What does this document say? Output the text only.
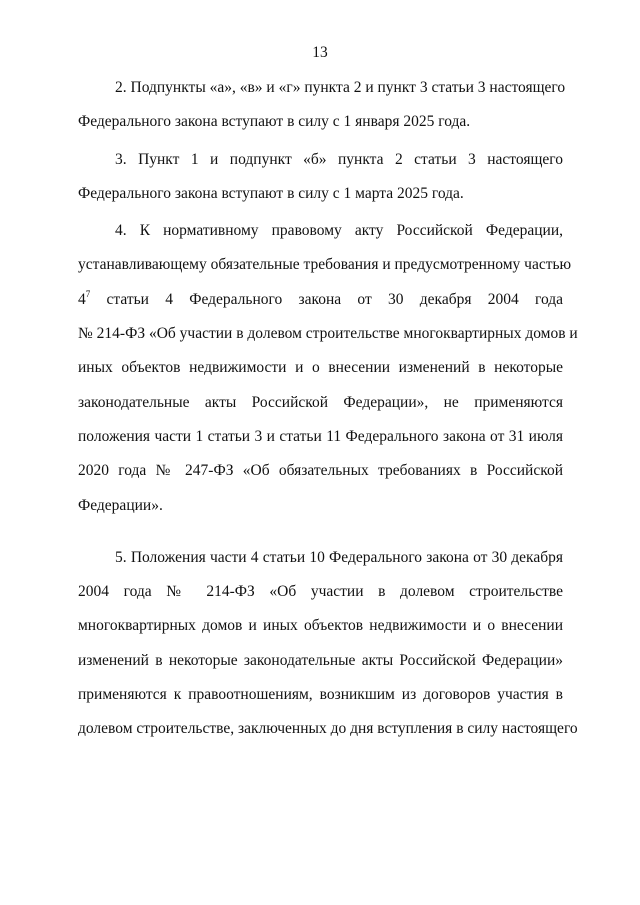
13
2. Подпункты «а», «в» и «г» пункта 2 и пункт 3 статьи 3 настоящего
Федерального закона вступают в силу с 1 января 2025 года.
3. Пункт 1 и подпункт «б» пункта 2 статьи 3 настоящего
Федерального закона вступают в силу с 1 марта 2025 года.
4. К нормативному правовому акту Российской Федерации,
устанавливающему обязательные требования и предусмотренному частью
$4^7$ статьи 4 Федерального закона от 30 декабря 2004 года
№ 214-ФЗ «Об участии в долевом строительстве многоквартирных домов и
иных объектов недвижимости и о внесении изменений в некоторые
законодательные акты Российской Федерации», не применяются
положения части 1 статьи 3 и статьи 11 Федерального закона от 31 июля
2020 года № 247-ФЗ «Об обязательных требованиях в Российской
Федерации».
5. Положения части 4 статьи 10 Федерального закона от 30 декабря
2004 года № 214-ФЗ «Об участии в долевом строительстве
многоквартирных домов и иных объектов недвижимости и о внесении
изменений в некоторые законодательные акты Российской Федерации»
применяются к правоотношениям, возникшим из договоров участия в
долевом строительстве, заключенных до дня вступления в силу настоящего
